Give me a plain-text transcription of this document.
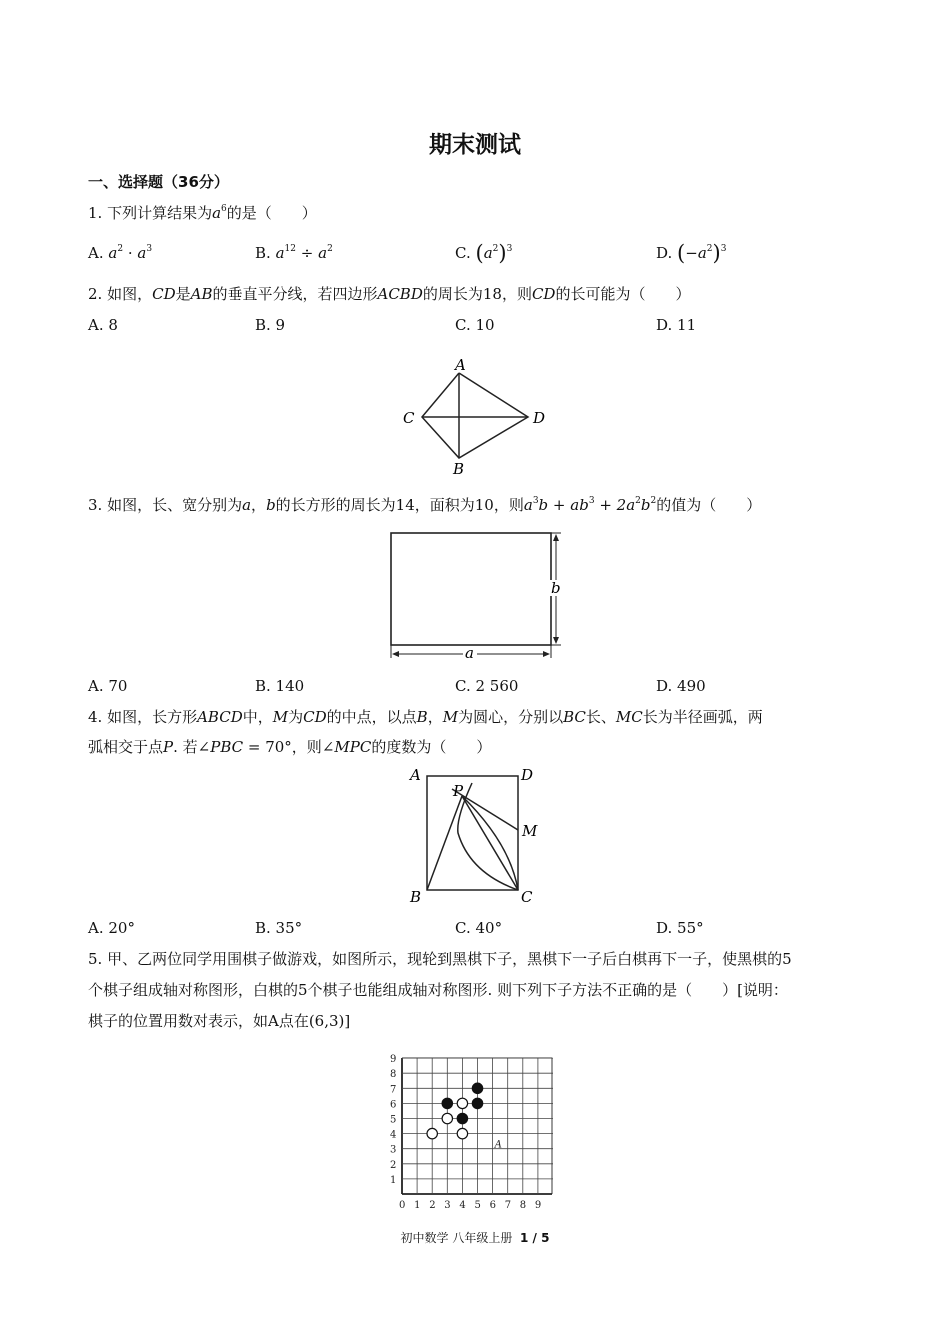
期末测试
一、选择题（36分）
1. 下列计算结果为$a^6$的是（　　）
A. $a^2 \cdot a^3$	B. $a^{12} \div a^2$	C. $(a^2)^3$	D. $(-a^2)^3$
2. 如图，CD是AB的垂直平分线，若四边形ACBD的周长为18，则CD的长可能为（　　）
A. 8	B. 9	C. 10	D. 11
A
C	D
B
3. 如图，长、宽分别为a，b的长方形的周长为14，面积为10，则$a^3b + ab^3 + 2a^2b^2$的值为（　　）
b
a
A. 70	B. 140	C. 2 560	D. 490
4. 如图，长方形ABCD中，M为CD的中点，以点B，M为圆心，分别以BC长、MC长为半径画弧，两
弧相交于点P. 若∠PBC = 70°，则∠MPC的度数为（　　）
A	D
P
M
B	C
A. 20°	B. 35°	C. 40°	D. 55°
5. 甲、乙两位同学用围棋子做游戏，如图所示，现轮到黑棋下子，黑棋下一子后白棋再下一子，使黑棋的5
个棋子组成轴对称图形，白棋的5个棋子也能组成轴对称图形. 则下列下子方法不正确的是（　　）[说明：
棋子的位置用数对表示，如A点在(6,3)]
9
8
7
6
5
4
3
2
1
0 1 2 3 4 5 6 7 8 9
A
初中数学 八年级上册 1 / 5
